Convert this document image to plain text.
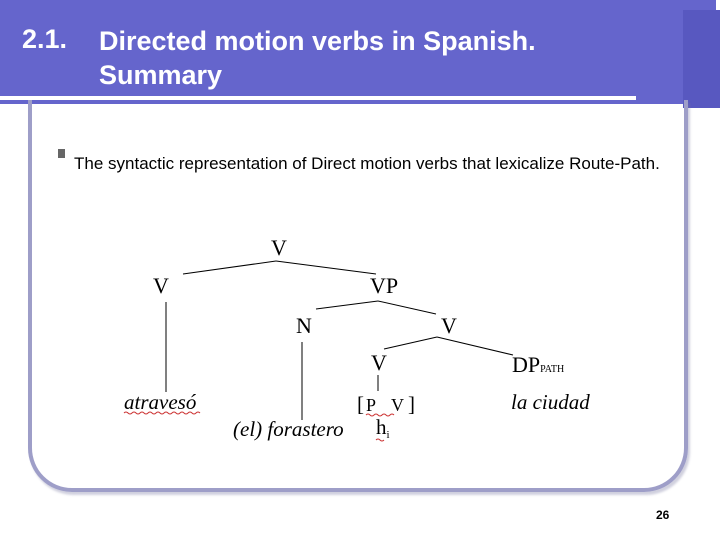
2.1. Directed motion verbs in Spanish. Summary
The syntactic representation of Direct motion verbs that lexicalize Route-Path.
V
V	VP
N	V
V	DPPATH
atravesó
(el) forastero
[ P V ]
hi
la ciudad
26
